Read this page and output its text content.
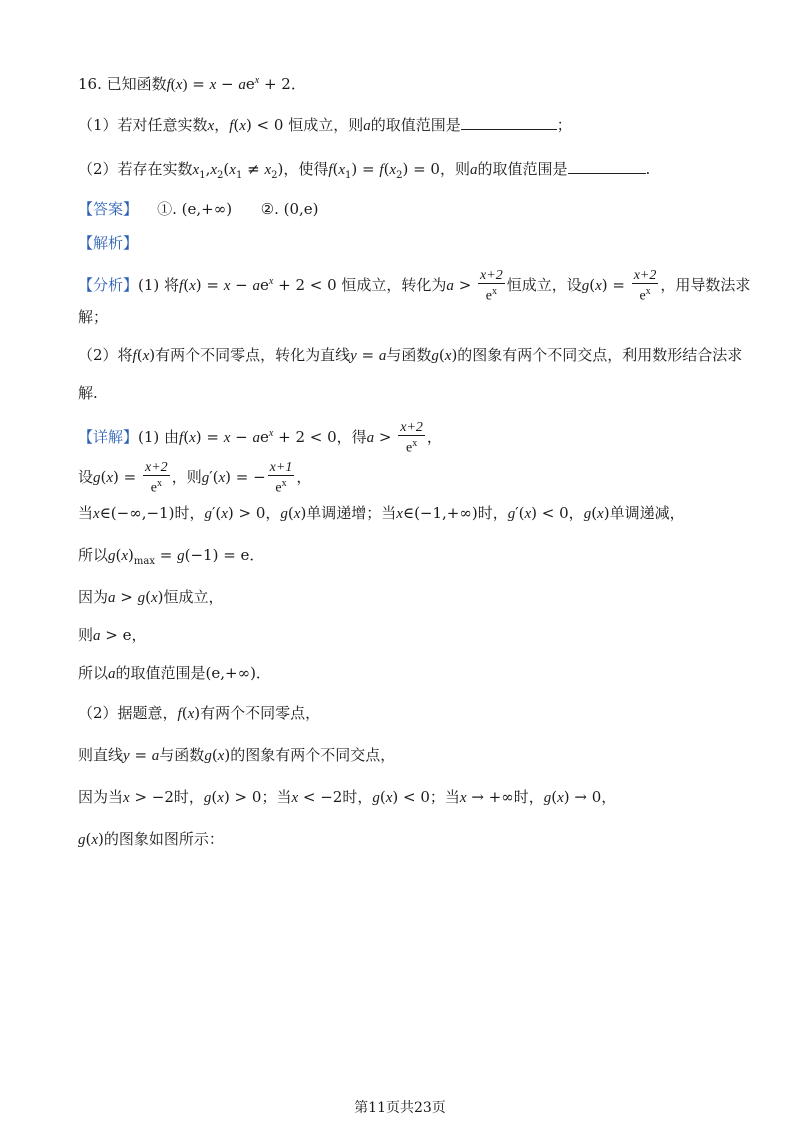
16. 已知函数$f(x) = x - ae^x + 2$．
（1）若对任意实数x，f(x) < 0 恒成立，则a的取值范围是	；
（2）若存在实数$x_1,x_2(x_1 \ne x_2)$，使得$f(x_1) = f(x_2) = 0$，则a的取值范围是	.
【答案】 ①. (e,+∞) ②. (0,e)
【解析】
【分析】(1) 将$f(x) = x - ae^x + 2 < 0$ 恒成立，转化为$a > \frac{x+2}{e^x}$ 恒成立，设$g(x) = \frac{x+2}{e^x}$ ，用导数法求
解；
（2）将f(x)有两个不同零点，转化为直线y = a与函数g(x)的图象有两个不同交点，利用数形结合法求
解.
【详解】(1) 由$f(x) = x - ae^x + 2 < 0$，得$a > \frac{x+2}{e^x}$ ，
设$g(x) = \frac{x+2}{e^x}$ ，则g′(x) = − $\frac{x+1}{e^x}$ ，
当x∈(−∞,−1)时，g′(x) > 0，g(x)单调递增；当x∈(−1,+∞)时，g′(x) < 0，g(x)单调递减，
所以$g(x)_{max} = g(-1) = e$．
因为a > g(x)恒成立，
则a > e，
所以a的取值范围是(e,+∞)．
（2）据题意，f(x)有两个不同零点，
则直线y = a与函数g(x)的图象有两个不同交点，
因为当x > −2时，g(x) > 0；当x < −2时，g(x) < 0；当x → +∞时，g(x) → 0，
g(x)的图象如图所示：
第11页共23页
